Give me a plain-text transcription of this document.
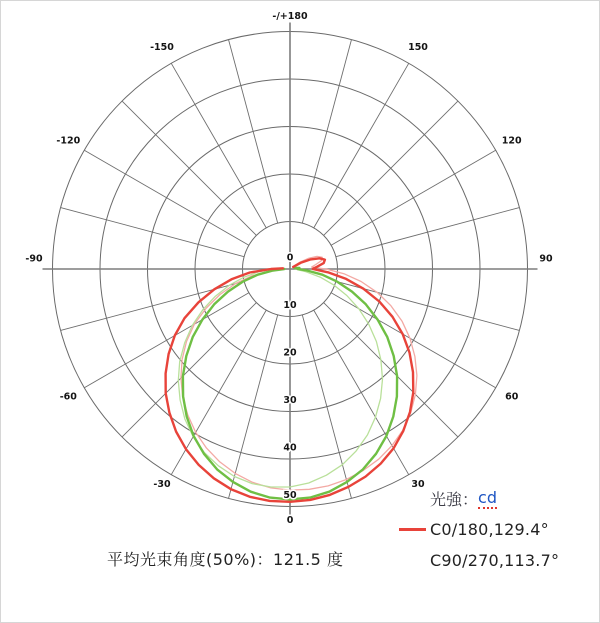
0
30
60
90
120
150
-/+180
-30
-60
-90
-120
-150
0
10
20
30
40
50	光強： cd
C0/180,129.4°
C90/270,113.7°
平均光束角度(50%)：121.5 度
